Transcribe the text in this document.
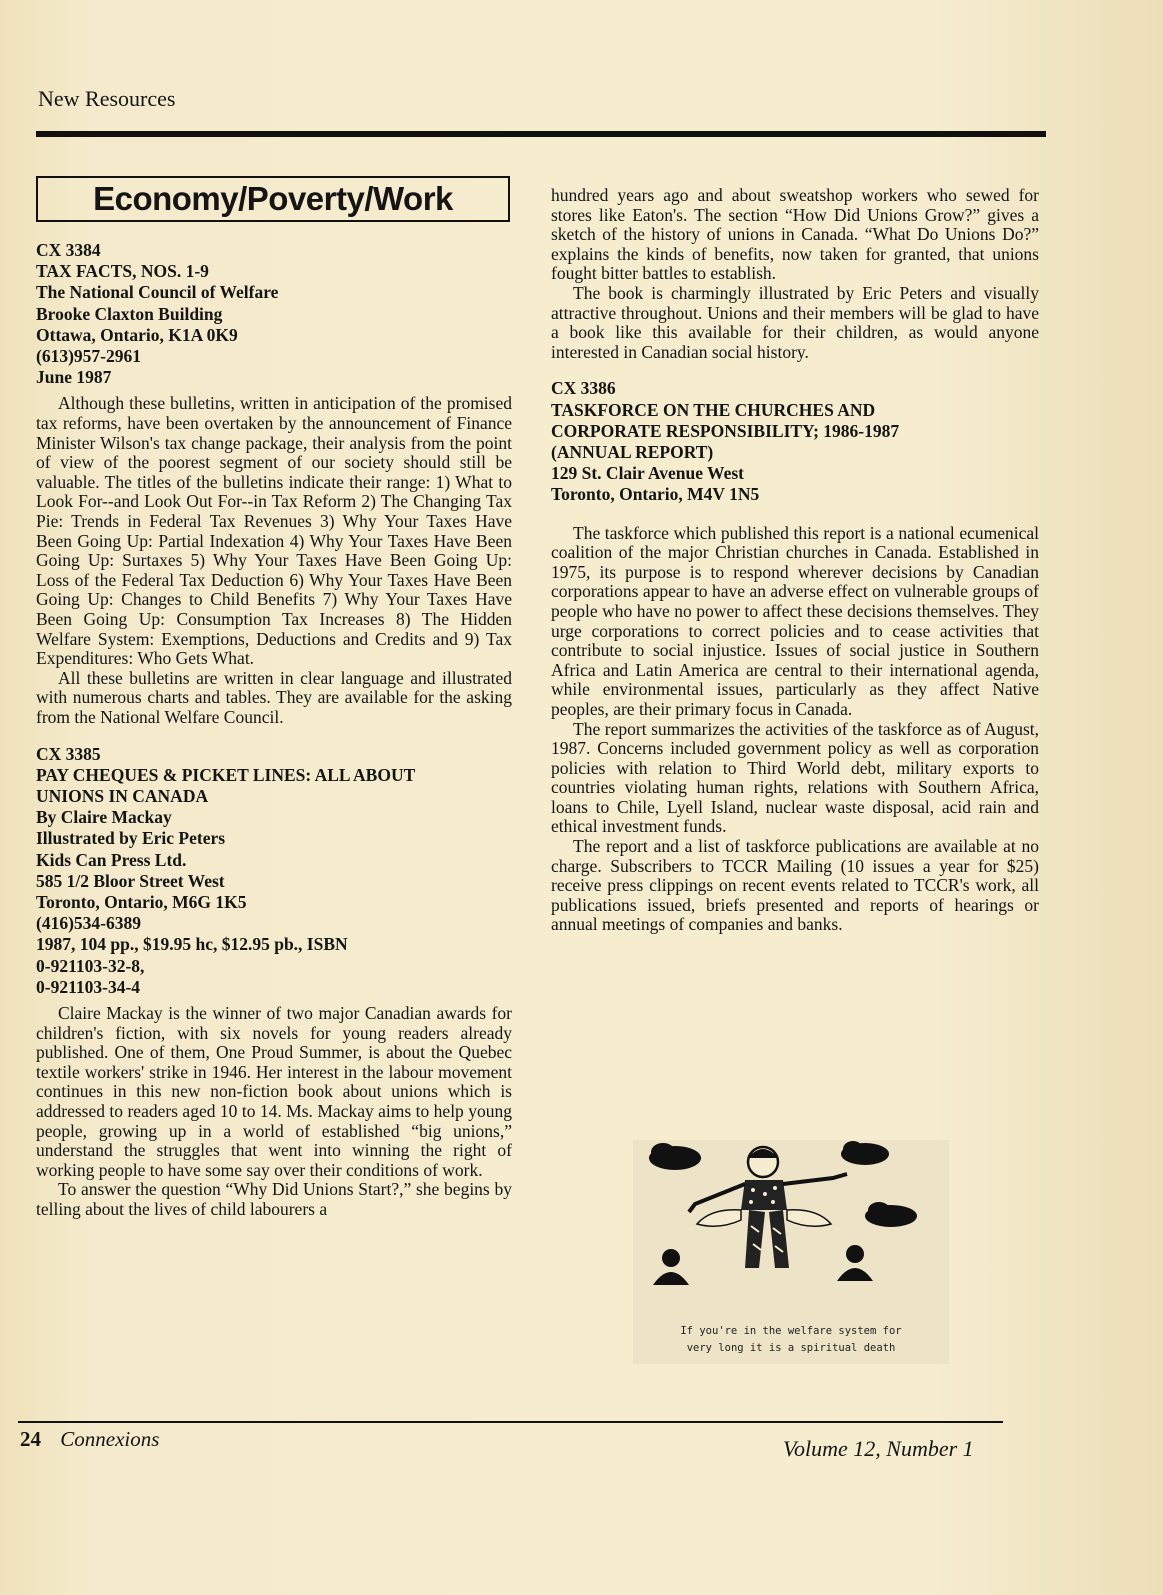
New Resources
Economy/Poverty/Work
CX 3384
TAX FACTS, NOS. 1-9
The National Council of Welfare
Brooke Claxton Building
Ottawa, Ontario, K1A 0K9
(613)957-2961
June 1987

Although these bulletins, written in anticipation of the promised tax reforms, have been overtaken by the announcement of Finance Minister Wilson's tax change package, their analysis from the point of view of the poorest segment of our society should still be valuable. The titles of the bulletins indicate their range: 1) What to Look For--and Look Out For--in Tax Reform 2) The Changing Tax Pie: Trends in Federal Tax Revenues 3) Why Your Taxes Have Been Going Up: Partial Indexation 4) Why Your Taxes Have Been Going Up: Surtaxes 5) Why Your Taxes Have Been Going Up: Loss of the Federal Tax Deduction 6) Why Your Taxes Have Been Going Up: Changes to Child Benefits 7) Why Your Taxes Have Been Going Up: Consumption Tax Increases 8) The Hidden Welfare System: Exemptions, Deductions and Credits and 9) Tax Expenditures: Who Gets What.

All these bulletins are written in clear language and illustrated with numerous charts and tables. They are available for the asking from the National Welfare Council.

CX 3385
PAY CHEQUES & PICKET LINES: ALL ABOUT
UNIONS IN CANADA
By Claire Mackay
Illustrated by Eric Peters
Kids Can Press Ltd.
585 1/2 Bloor Street West
Toronto, Ontario, M6G 1K5
(416)534-6389
1987, 104 pp., $19.95 hc, $12.95 pb., ISBN
0-921103-32-8,
0-921103-34-4

Claire Mackay is the winner of two major Canadian awards for children's fiction, with six novels for young readers already published. One of them, One Proud Summer, is about the Quebec textile workers' strike in 1946. Her interest in the labour movement continues in this new non-fiction book about unions which is addressed to readers aged 10 to 14. Ms. Mackay aims to help young people, growing up in a world of established “big unions,” understand the struggles that went into winning the right of working people to have some say over their conditions of work.

To answer the question “Why Did Unions Start?,” she begins by telling about the lives of child labourers a

hundred years ago and about sweatshop workers who sewed for stores like Eaton's. The section “How Did Unions Grow?” gives a sketch of the history of unions in Canada. “What Do Unions Do?” explains the kinds of benefits, now taken for granted, that unions fought bitter battles to establish.

The book is charmingly illustrated by Eric Peters and visually attractive throughout. Unions and their members will be glad to have a book like this available for their children, as would anyone interested in Canadian social history.

CX 3386
TASKFORCE ON THE CHURCHES AND
CORPORATE RESPONSIBILITY; 1986-1987
(ANNUAL REPORT)
129 St. Clair Avenue West
Toronto, Ontario, M4V 1N5

The taskforce which published this report is a national ecumenical coalition of the major Christian churches in Canada. Established in 1975, its purpose is to respond wherever decisions by Canadian corporations appear to have an adverse effect on vulnerable groups of people who have no power to affect these decisions themselves. They urge corporations to correct policies and to cease activities that contribute to social injustice. Issues of social justice in Southern Africa and Latin America are central to their international agenda, while environmental issues, particularly as they affect Native peoples, are their primary focus in Canada.

The report summarizes the activities of the taskforce as of August, 1987. Concerns included government policy as well as corporation policies with relation to Third World debt, military exports to countries violating human rights, relations with Southern Africa, loans to Chile, Lyell Island, nuclear waste disposal, acid rain and ethical investment funds.

The report and a list of taskforce publications are available at no charge. Subscribers to TCCR Mailing (10 issues a year for $25) receive press clippings on recent events related to TCCR's work, all publications issued, briefs presented and reports of hearings or annual meetings of companies and banks.

If you're in the welfare system for
very long it is a spiritual death
24 Connexions	Volume 12, Number 1
